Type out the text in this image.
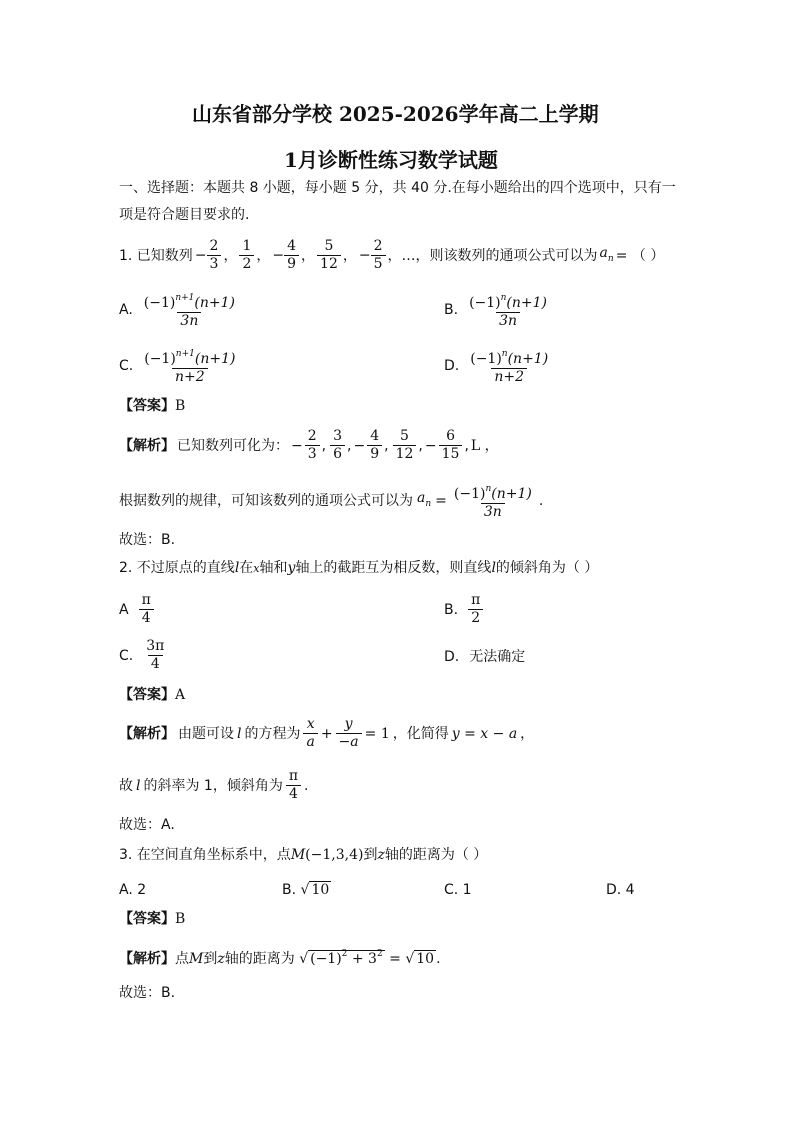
山东省部分学校 2025-2026学年高二上学期
1月诊断性练习数学试题
一、选择题：本题共 8 小题，每小题 5 分，共 40 分.在每小题给出的四个选项中，只有一
项是符合题目要求的.
1. 已知数列 − $\frac{2}{3}$ ， $\frac{1}{2}$ ， − $\frac{4}{9}$ ， $\frac{5}{12}$ ， − $\frac{2}{5}$ ，…，则该数列的通项公式可以为 $a_n$ = （ ）
A. $\frac{(-1)^{n+1}(n+1)}{3n}$	B. $\frac{(-1)^n(n+1)}{3n}$
C. $\frac{(-1)^{n+1}(n+1)}{n+2}$	D. $\frac{(-1)^n(n+1)}{n+2}$
【答案】B
【解析】 已知数列可化为： − $\frac{2}{3}$ , $\frac{3}{6}$ , − $\frac{4}{9}$ , $\frac{5}{12}$ , − $\frac{6}{15}$ , L ，
根据数列的规律，可知该数列的通项公式可以为 $a_n = \frac{(-1)^n(n+1)}{3n}$ .
故选：B.
2. 不过原点的直线l在x轴和y轴上的截距互为相反数，则直线l的倾斜角为（ ）
A $\frac{\pi}{4}$	B. $\frac{\pi}{2}$
C. $\frac{3\pi}{4}$	D. 无法确定
【答案】A
【解析】 由题可设 l 的方程为 $\frac{x}{a} + \frac{y}{-a} = 1$ ，化简得 y = x − a ，
故 l 的斜率为 1，倾斜角为 $\frac{\pi}{4}$ .
故选：A.
3. 在空间直角坐标系中，点M(−1,3,4)到z轴的距离为（ ）
A. 2	B. √ 10	C. 1	D. 4
【答案】B
【解析】点M到z轴的距离为 √ $(-1)^2 + 3^2$ = √ 10 .
故选：B.
